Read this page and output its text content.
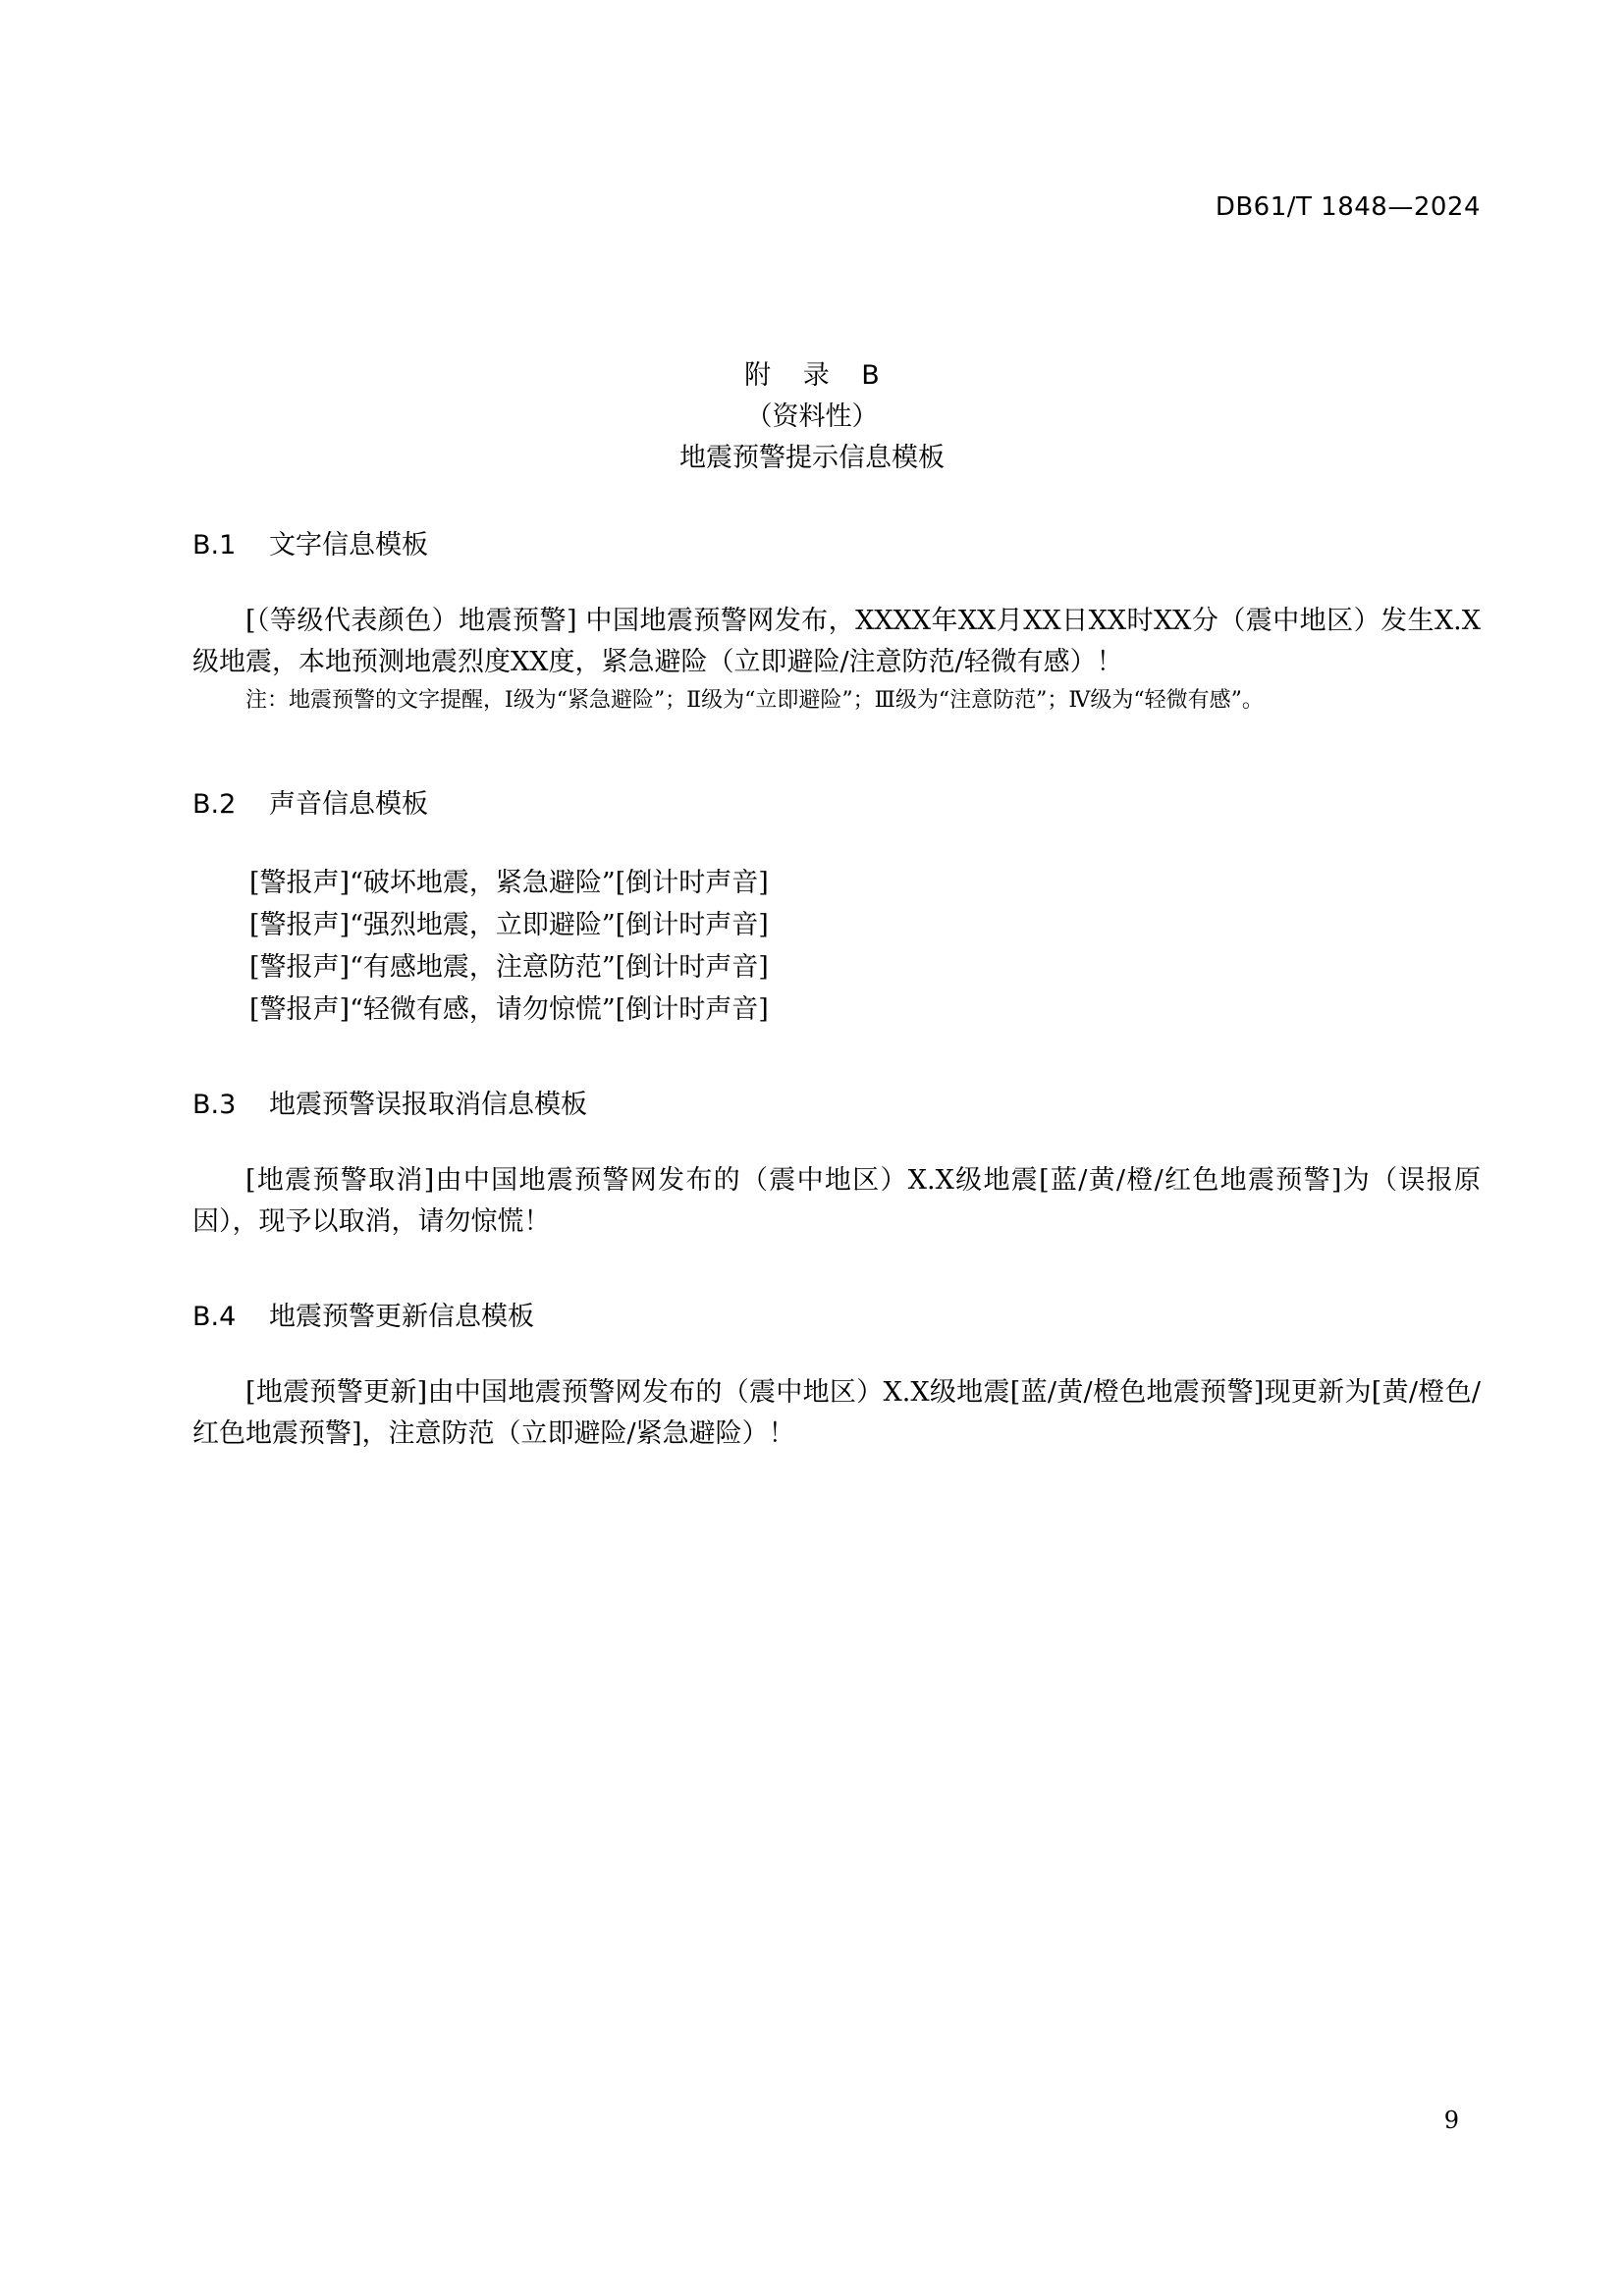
DB61/T 1848—2024
附 录 B
（资料性）
地震预警提示信息模板
B.1 文字信息模板

[（等级代表颜色）地震预警] 中国地震预警网发布，XXXX年XX月XX日XX时XX分（震中地区）发生X.X级地震，本地预测地震烈度XX度，紧急避险（立即避险/注意防范/轻微有感）！

注：地震预警的文字提醒，Ⅰ级为“紧急避险”；Ⅱ级为“立即避险”；Ⅲ级为“注意防范”；Ⅳ级为“轻微有感”。

B.2 声音信息模板
[警报声]“破坏地震，紧急避险”[倒计时声音]
[警报声]“强烈地震，立即避险”[倒计时声音]
[警报声]“有感地震，注意防范”[倒计时声音]
[警报声]“轻微有感，请勿惊慌”[倒计时声音]
B.3 地震预警误报取消信息模板

[地震预警取消]由中国地震预警网发布的（震中地区）X.X级地震[蓝/黄/橙/红色地震预警]为（误报原因），现予以取消，请勿惊慌！

B.4 地震预警更新信息模板

[地震预警更新]由中国地震预警网发布的（震中地区）X.X级地震[蓝/黄/橙色地震预警]现更新为[黄/橙色/红色地震预警]，注意防范（立即避险/紧急避险）！

9
